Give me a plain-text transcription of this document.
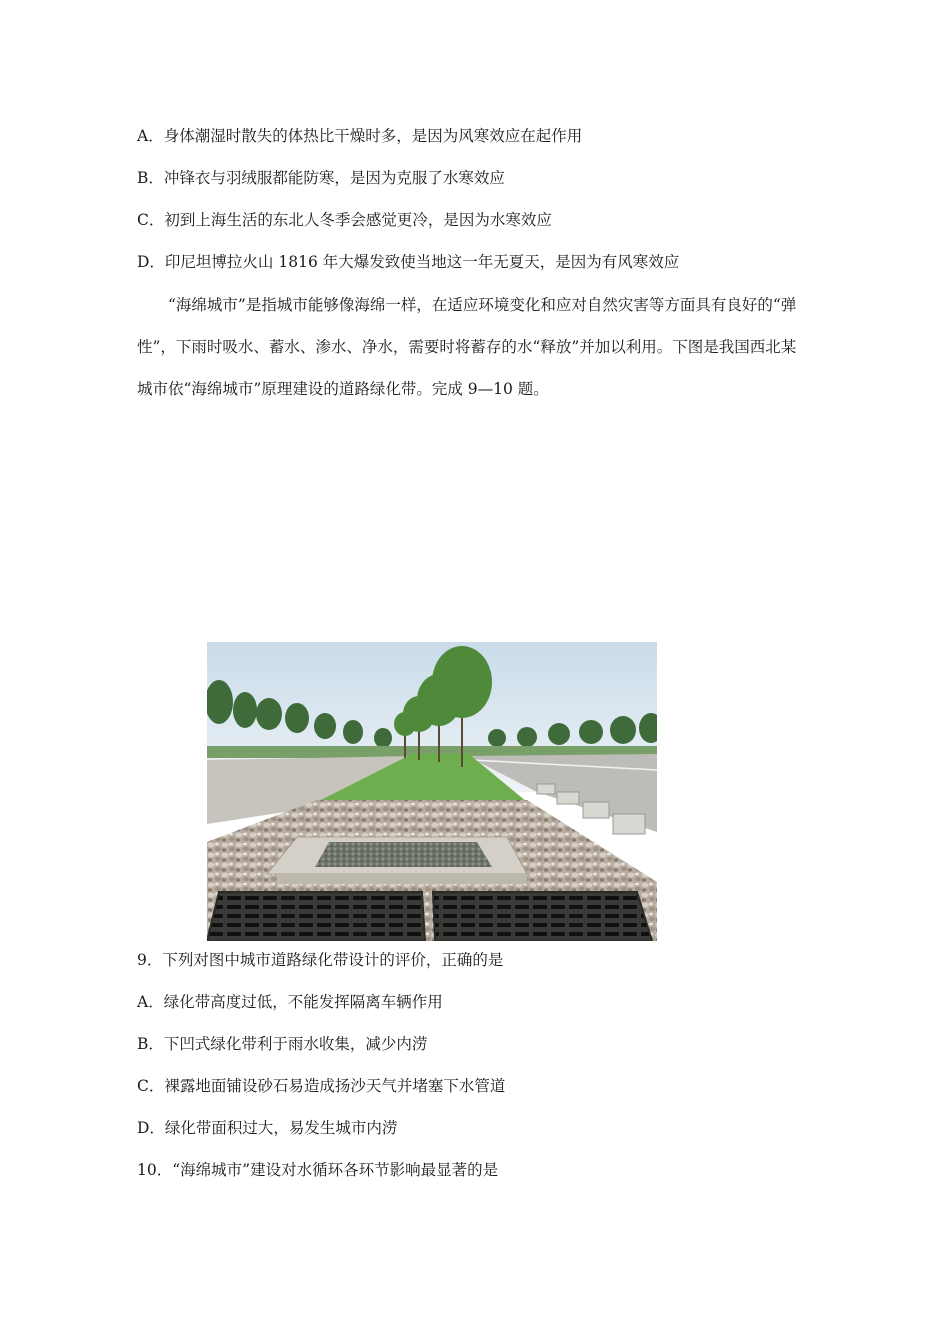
A．身体潮湿时散失的体热比干燥时多，是因为风寒效应在起作用
B．冲锋衣与羽绒服都能防寒，是因为克服了水寒效应
C．初到上海生活的东北人冬季会感觉更冷，是因为水寒效应
D．印尼坦博拉火山 1816 年大爆发致使当地这一年无夏天，是因为有风寒效应
“海绵城市”是指城市能够像海绵一样，在适应环境变化和应对自然灾害等方面具有良好的“弹性”，下雨时吸水、蓄水、渗水、净水，需要时将蓄存的水“释放”并加以利用。下图是我国西北某城市依“海绵城市”原理建设的道路绿化带。完成 9—10 题。
9．下列对图中城市道路绿化带设计的评价，正确的是
A．绿化带高度过低，不能发挥隔离车辆作用
B．下凹式绿化带利于雨水收集，减少内涝
C．裸露地面铺设砂石易造成扬沙天气并堵塞下水管道
D．绿化带面积过大，易发生城市内涝
10．“海绵城市”建设对水循环各环节影响最显著的是
